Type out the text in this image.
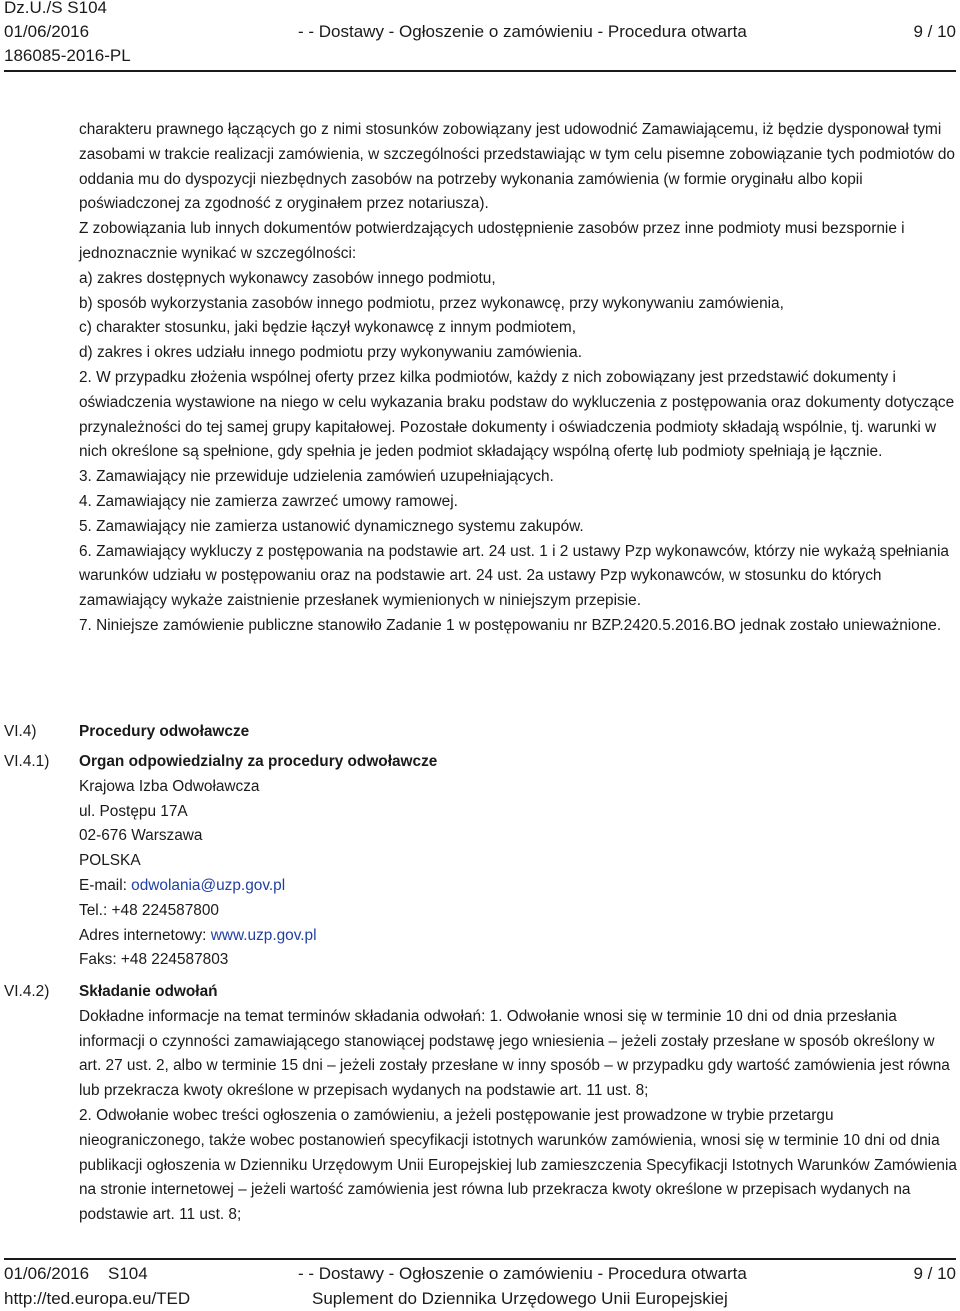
Dz.U./S S104
01/06/2016	- - Dostawy - Ogłoszenie o zamówieniu - Procedura otwarta	9 / 10
186085-2016-PL

charakteru prawnego łączących go z nimi stosunków zobowiązany jest udowodnić Zamawiającemu, iż będzie dysponował tymi zasobami w trakcie realizacji zamówienia, w szczególności przedstawiając w tym celu pisemne zobowiązanie tych podmiotów do oddania mu do dyspozycji niezbędnych zasobów na potrzeby wykonania zamówienia (w formie oryginału albo kopii poświadczonej za zgodność z oryginałem przez notariusza).

Z zobowiązania lub innych dokumentów potwierdzających udostępnienie zasobów przez inne podmioty musi bezspornie i jednoznacznie wynikać w szczególności:

a) zakres dostępnych wykonawcy zasobów innego podmiotu,

b) sposób wykorzystania zasobów innego podmiotu, przez wykonawcę, przy wykonywaniu zamówienia,

c) charakter stosunku, jaki będzie łączył wykonawcę z innym podmiotem,

d) zakres i okres udziału innego podmiotu przy wykonywaniu zamówienia.

2. W przypadku złożenia wspólnej oferty przez kilka podmiotów, każdy z nich zobowiązany jest przedstawić dokumenty i oświadczenia wystawione na niego w celu wykazania braku podstaw do wykluczenia z postępowania oraz dokumenty dotyczące przynależności do tej samej grupy kapitałowej. Pozostałe dokumenty i oświadczenia podmioty składają wspólnie, tj. warunki w nich określone są spełnione, gdy spełnia je jeden podmiot składający wspólną ofertę lub podmioty spełniają je łącznie.

3. Zamawiający nie przewiduje udzielenia zamówień uzupełniających.

4. Zamawiający nie zamierza zawrzeć umowy ramowej.

5. Zamawiający nie zamierza ustanowić dynamicznego systemu zakupów.

6. Zamawiający wykluczy z postępowania na podstawie art. 24 ust. 1 i 2 ustawy Pzp wykonawców, którzy nie wykażą spełniania warunków udziału w postępowaniu oraz na podstawie art. 24 ust. 2a ustawy Pzp wykonawców, w stosunku do których zamawiający wykaże zaistnienie przesłanek wymienionych w niniejszym przepisie.

7. Niniejsze zamówienie publiczne stanowiło Zadanie 1 w postępowaniu nr BZP.2420.5.2016.BO jednak zostało unieważnione.

VI.4)	Procedury odwoławcze
VI.4.1) Organ odpowiedzialny za procedury odwoławcze

Krajowa Izba Odwoławcza

ul. Postępu 17A

02-676 Warszawa

POLSKA

E-mail: odwolania@uzp.gov.pl

Tel.: +48 224587800

Adres internetowy: www.uzp.gov.pl

Faks: +48 224587803

VI.4.2) Składanie odwołań

Dokładne informacje na temat terminów składania odwołań: 1. Odwołanie wnosi się w terminie 10 dni od dnia przesłania informacji o czynności zamawiającego stanowiącej podstawę jego wniesienia – jeżeli zostały przesłane w sposób określony w art. 27 ust. 2, albo w terminie 15 dni – jeżeli zostały przesłane w inny sposób – w przypadku gdy wartość zamówienia jest równa lub przekracza kwoty określone w przepisach wydanych na podstawie art. 11 ust. 8;

2. Odwołanie wobec treści ogłoszenia o zamówieniu, a jeżeli postępowanie jest prowadzone w trybie przetargu nieograniczonego, także wobec postanowień specyfikacji istotnych warunków zamówienia, wnosi się w terminie 10 dni od dnia publikacji ogłoszenia w Dzienniku Urzędowym Unii Europejskiej lub zamieszczenia Specyfikacji Istotnych Warunków Zamówienia na stronie internetowej – jeżeli wartość zamówienia jest równa lub przekracza kwoty określone w przepisach wydanych na podstawie art. 11 ust. 8;

01/06/2016 S104	- - Dostawy - Ogłoszenie o zamówieniu - Procedura otwarta	9 / 10
http://ted.europa.eu/TED	Suplement do Dziennika Urzędowego Unii Europejskiej
